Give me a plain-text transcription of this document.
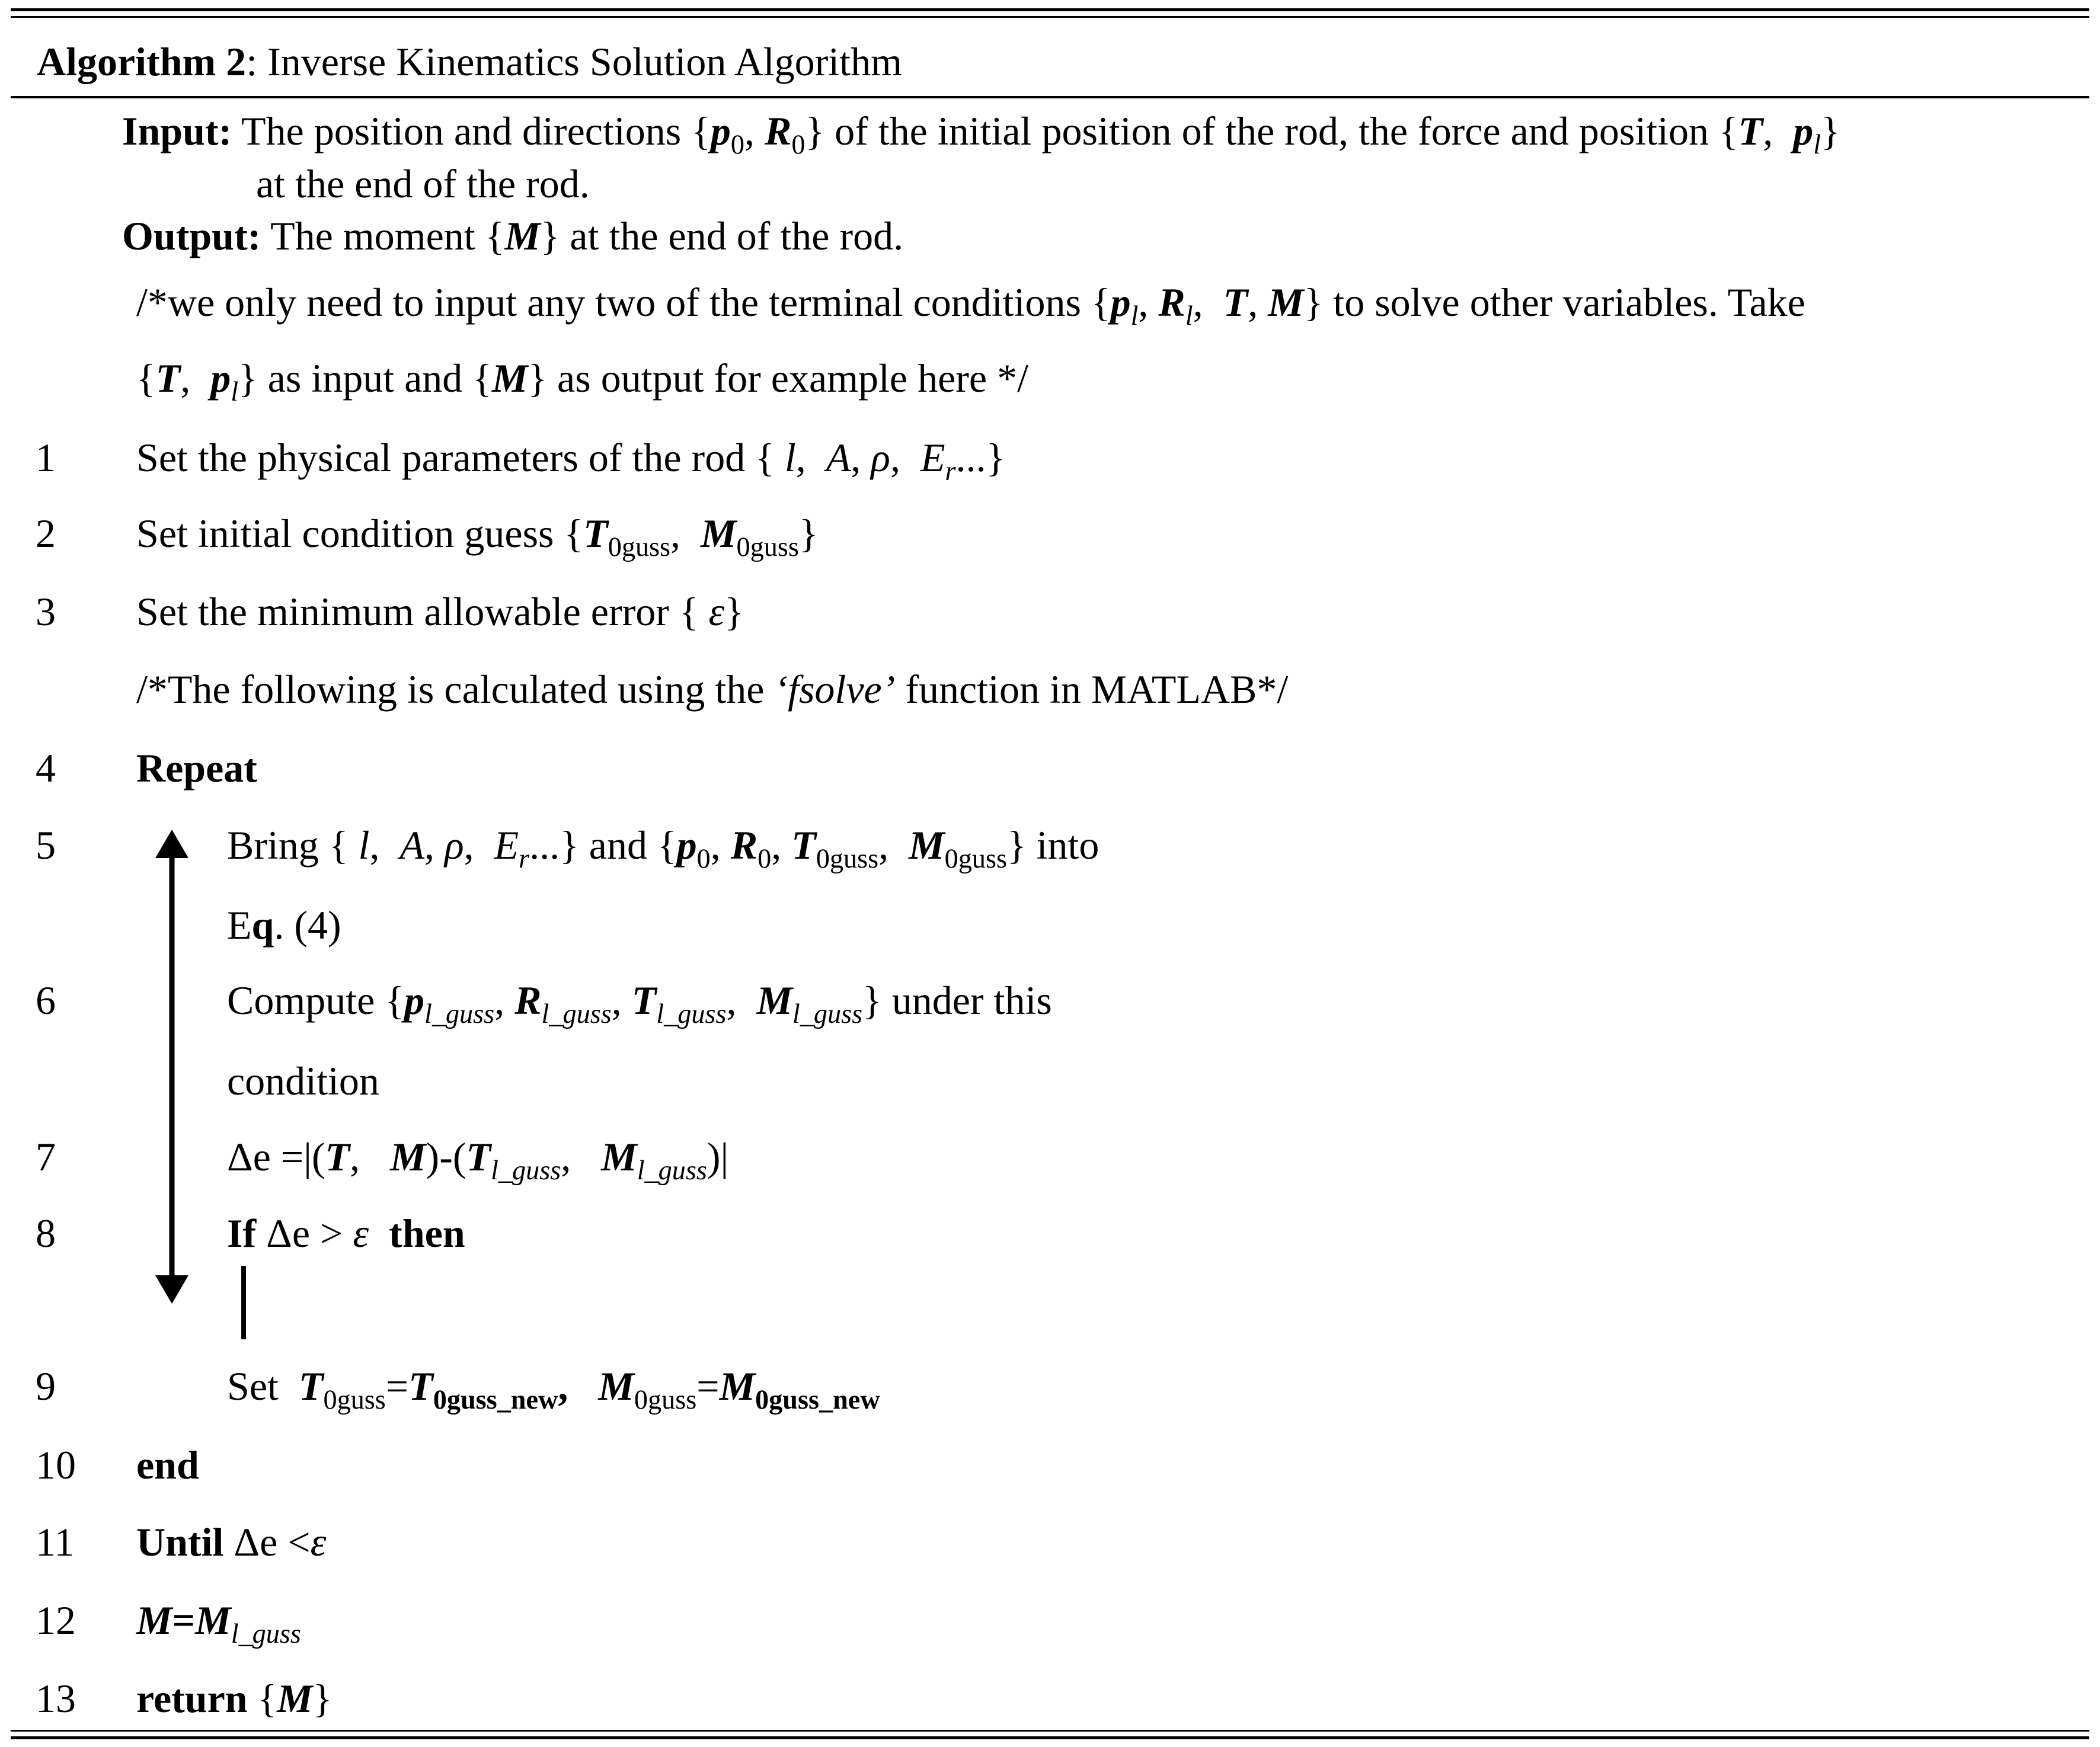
Algorithm 2: Inverse Kinematics Solution Algorithm
Input: The position and directions {$p_0$, $R_0$} of the initial position of the rod, the force and position {T, $p_l$}
at the end of the rod.
Output: The moment {M} at the end of the rod.
/*we only need to input any two of the terminal conditions {$p_l$, $R_l$,  T, M} to solve other variables. Take
{T,  $p_l$} as input and {M} as output for example here */
1 Set the physical parameters of the rod { l,  A, ρ,  $E_r$...}
2 Set initial condition guess {$T_{0guss}$,  $M_{0guss}$}
3 Set the minimum allowable error { ε}
/*The following is calculated using the ‘fsolve’ function in MATLAB*/
4 Repeat
5	Bring { l,  A, ρ,  $E_r$...} and {$p_0$, $R_0$, $T_{0guss}$,  $M_{0guss}$} into
Eq. (4)
6	Compute {$p_{l\_guss}$, $R_{l\_guss}$, $T_{l\_guss}$,  $M_{l\_guss}$} under this
condition
7	Δe =|(T,   $M)-(T_{l\_guss}$,   $M_{l\_guss})|$
8	If Δe > ε then
9	Set  $T_{0guss}=T_{0guss\_new}$, $M_{0guss}=M_{0guss\_new}$
10 end
11 Until Δe <ε
12 $M=M_{l\_guss}$
13 return {M}
